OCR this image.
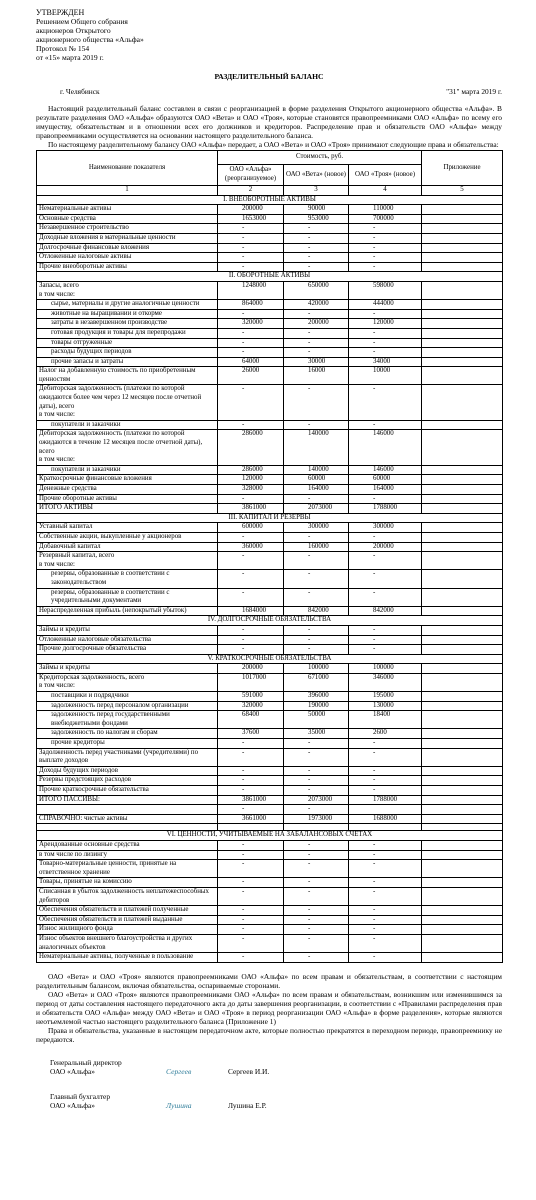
УТВЕРЖДЕН
Решением Общего собрания
акционеров Открытого
акционерного общества «Альфа»
Протокол № 154
от «15» марта 2019 г.
РАЗДЕЛИТЕЛЬНЫЙ БАЛАНС
г. Челябинск	"31" марта 2019 г.

Настоящий разделительный баланс составлен в связи с реорганизацией в форме разделения Открытого акционерного общества «Альфа». В результате разделения ОАО «Альфа» образуются ОАО «Вета» и ОАО «Троя», которые становятся правопреемниками ОАО «Альфа» по всему его имуществу, обязательствам и в отношении всех его должников и кредиторов. Распределение прав и обязательств ОАО «Альфа» между правопреемниками осуществляется на основании настоящего разделительного баланса.

По настоящему разделительному балансу ОАО «Альфа» передает, а ОАО «Вета» и ОАО «Троя» принимают следующие права и обязательства:

Наименование показателя	Стоимость, руб.			Приложение
	ОАО «Альфа» (реорганизуемое)	ОАО «Вета» (новое)	ОАО «Троя» (новое)	
1	2	3	4	5
I. ВНЕОБОРОТНЫЕ АКТИВЫ				
Нематериальные активы	200000	90000	110000	
Основные средства	1653000	953000	700000	
Незавершенное строительство	-	-	-	
Доходные вложения в материальные ценности	-	-	-	
Долгосрочные финансовые вложения	-	-	-	
Отложенные налоговые активы	-	-	-	
Прочие внеоборотные активы	-	-	-	
II. ОБОРОТНЫЕ АКТИВЫ				
Запасы, всего
в том числе:	1248000	650000	598000	
сырье, материалы и другие аналогичные ценности	864000	420000	444000	
животные на выращивании и откорме	-	-	-	
затраты в незавершенном производстве	320000	200000	120000	
готовая продукция и товары для перепродажи	-	-	-	
товары отгруженные	-	-	-	
расходы будущих периодов	-	-	-	
прочие запасы и затраты	64000	30000	34000	
Налог на добавленную стоимость по приобретенным ценностям	26000	16000	10000	
Дебиторская задолженность (платежи по которой ожидаются более чем через 12 месяцев после отчетной даты), всего
в том числе:	-	-	-	
покупатели и заказчики	-	-	-	
Дебиторская задолженность (платежи по которой ожидаются в течение 12 месяцев после отчетной даты), всего
в том числе:	286000	140000	146000	
покупатели и заказчики	286000	140000	146000	
Краткосрочные финансовые вложения	120000	60000	60000	
Денежные средства	328000	164000	164000	
Прочие оборотные активы	-	-	-	
ИТОГО АКТИВЫ	3861000	2073000	1788000	
III. КАПИТАЛ И РЕЗЕРВЫ				
Уставный капитал	600000	300000	300000	
Собственные акции, выкупленные у акционеров	-	-	-	
Добавочный капитал	360000	160000	200000	
Резервный капитал, всего
в том числе:	-	-	-	
резервы, образованные в соответствии с законодательством	-	-	-	
резервы, образованные в соответствии с учредительными документами	-	-	-	
Нераспределенная прибыль (непокрытый убыток)	1684000	842000	842000	
IV. ДОЛГОСРОЧНЫЕ ОБЯЗАТЕЛЬСТВА				
Займы и кредиты	-	-	-	
Отложенные налоговые обязательства	-	-	-	
Прочие долгосрочные обязательства	-	-	-	
V. КРАТКОСРОЧНЫЕ ОБЯЗАТЕЛЬСТВА				
Займы и кредиты	200000	100000	100000	
Кредиторская задолженность, всего
в том числе:	1017000	671000	346000	
поставщики и подрядчики	591000	396000	195000	
задолженность перед персоналом организации	320000	190000	130000	
задолженность перед государственными внебюджетными фондами	68400	50000	18400	
задолженность по налогам и сборам	37600	35000	2600	
прочие кредиторы	-	-	-	
Задолженность перед участниками (учредителями) по выплате доходов	-	-	-	
Доходы будущих периодов	-	-	-	
Резервы предстоящих расходов	-	-	-	
Прочие краткосрочные обязательства	-	-	-	
ИТОГО ПАССИВЫ:	3861000	2073000	1788000	
	-	-		
СПРАВОЧНО: чистые активы	3661000	1973000	1688000	

VI. ЦЕННОСТИ, УЧИТЫВАЕМЫЕ НА ЗАБАЛАНСОВЫХ СЧЕТАХ				
Арендованные основные средства	-	-	-	
в том числе по лизингу	-	-	-	
Товарно-материальные ценности, принятые на ответственное хранение	-	-	-	
Товары, принятые на комиссию	-	-	-	
Списанная в убыток задолженность неплатежеспособных дебиторов	-	-	-	
Обеспечения обязательств и платежей полученные	-	-	-	
Обеспечения обязательств и платежей выданные	-	-	-	
Износ жилищного фонда	-	-	-	
Износ объектов внешнего благоустройства и других аналогичных объектов	-	-	-	
Нематериальные активы, полученные в пользование	-	-	-	

ОАО «Вета» и ОАО «Троя» являются правопреемниками ОАО «Альфа» по всем правам и обязательствам, в соответствии с настоящим разделительным балансом, включая обязательства, оспариваемые сторонами.

ОАО «Вета» и ОАО «Троя» являются правопреемниками ОАО «Альфа» по всем правам и обязательствам, возникшим или изменившимся за период от даты составления настоящего передаточного акта до даты завершения реорганизации, в соответствии с «Правилами распределения прав и обязательств ОАО «Альфа» между ОАО «Вета» и ОАО «Троя» в период реорганизации ОАО «Альфа» в форме разделения», которые являются неотъемлемой частью настоящего разделительного баланса (Приложение 1)

Права и обязательства, указанные в настоящем передаточном акте, которые полностью прекратятся в переходном периоде, правопреемнику не передаются.

Генеральный директор
ОАО «Альфа»	Сергеев	Сергеев И.И.
Главный бухгалтер
ОАО «Альфа»	Лушина	Лушина Е.Р.
